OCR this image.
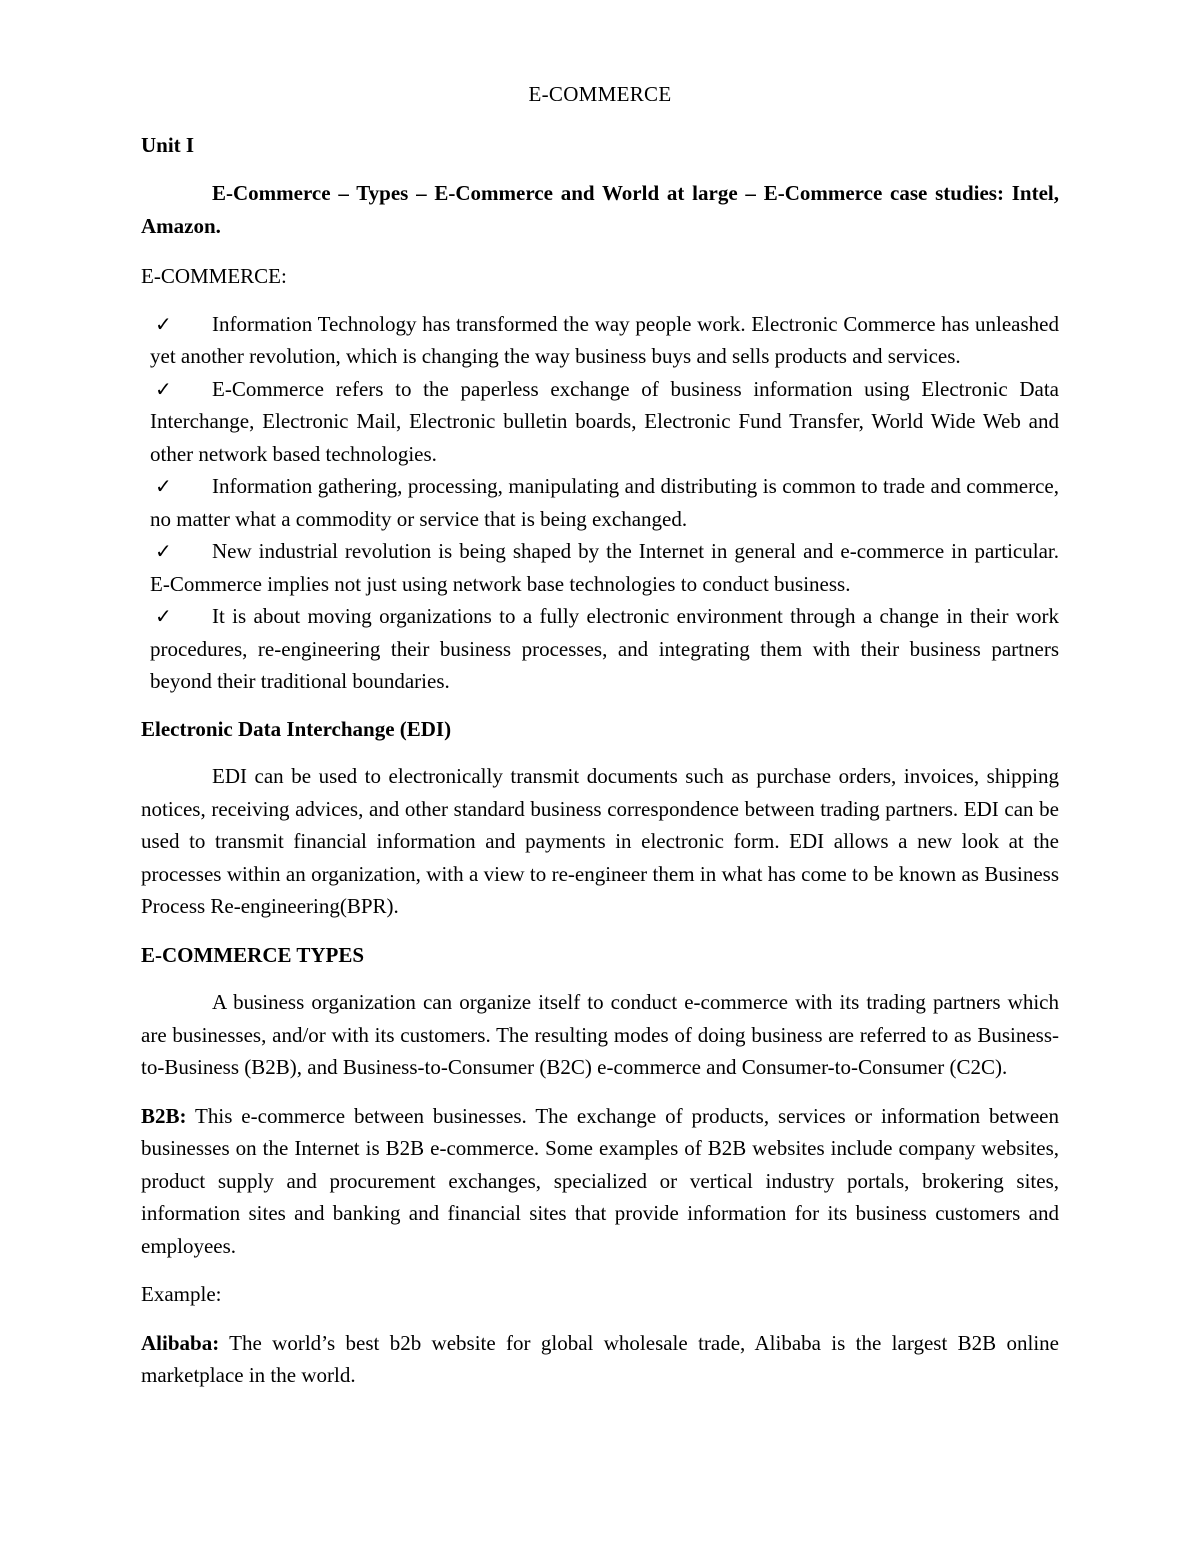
E-COMMERCE
Unit I
E-Commerce – Types – E-Commerce and World at large – E-Commerce case studies: Intel, Amazon.
E-COMMERCE:
✓ Information Technology has transformed the way people work. Electronic Commerce has unleashed yet another revolution, which is changing the way business buys and sells products and services.
✓ E-Commerce refers to the paperless exchange of business information using Electronic Data Interchange, Electronic Mail, Electronic bulletin boards, Electronic Fund Transfer, World Wide Web and other network based technologies.
✓ Information gathering, processing, manipulating and distributing is common to trade and commerce, no matter what a commodity or service that is being exchanged.
✓ New industrial revolution is being shaped by the Internet in general and e-commerce in particular. E-Commerce implies not just using network base technologies to conduct business.
✓ It is about moving organizations to a fully electronic environment through a change in their work procedures, re-engineering their business processes, and integrating them with their business partners beyond their traditional boundaries.
Electronic Data Interchange (EDI)
EDI can be used to electronically transmit documents such as purchase orders, invoices, shipping notices, receiving advices, and other standard business correspondence between trading partners. EDI can be used to transmit financial information and payments in electronic form. EDI allows a new look at the processes within an organization, with a view to re-engineer them in what has come to be known as Business Process Re-engineering(BPR).
E-COMMERCE TYPES
A business organization can organize itself to conduct e-commerce with its trading partners which are businesses, and/or with its customers. The resulting modes of doing business are referred to as Business-to-Business (B2B), and Business-to-Consumer (B2C) e-commerce and Consumer-to-Consumer (C2C).
B2B: This e-commerce between businesses. The exchange of products, services or information between businesses on the Internet is B2B e-commerce. Some examples of B2B websites include company websites, product supply and procurement exchanges, specialized or vertical industry portals, brokering sites, information sites and banking and financial sites that provide information for its business customers and employees.
Example:
Alibaba: The world’s best b2b website for global wholesale trade, Alibaba is the largest B2B online marketplace in the world.
